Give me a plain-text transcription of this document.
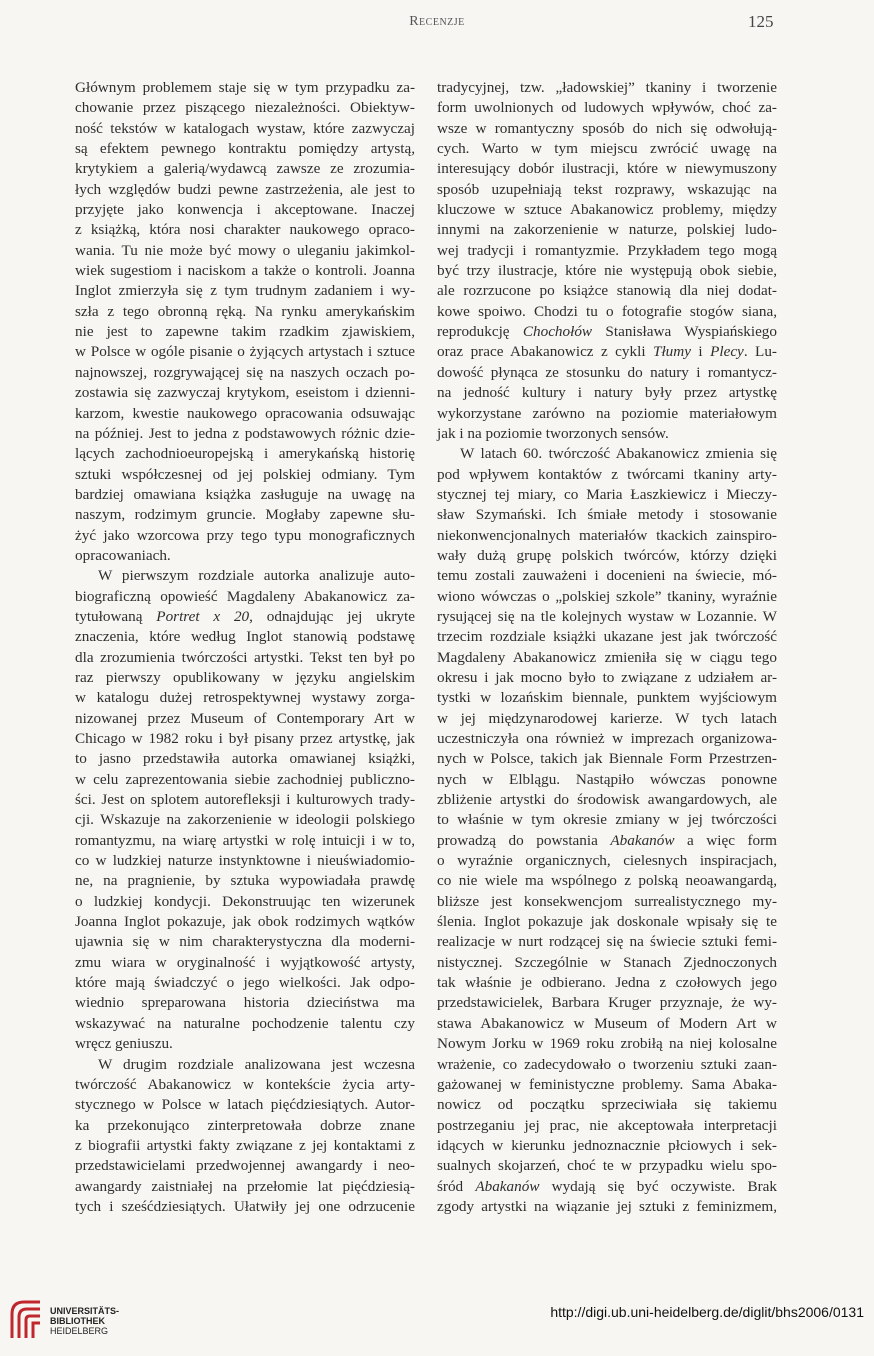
Recenzje	125
Głównym problemem staje się w tym przypadku za-
chowanie przez piszącego niezależności. Obiektyw-
ność tekstów w katalogach wystaw, które zazwyczaj
są efektem pewnego kontraktu pomiędzy artystą,
krytykiem a galerią/wydawcą zawsze ze zrozumia-
łych względów budzi pewne zastrzeżenia, ale jest to
przyjęte jako konwencja i akceptowane. Inaczej
z książką, która nosi charakter naukowego opraco-
wania. Tu nie może być mowy o uleganiu jakimkol-
wiek sugestiom i naciskom a także o kontroli. Joanna
Inglot zmierzyła się z tym trudnym zadaniem i wy-
szła z tego obronną ręką. Na rynku amerykańskim
nie jest to zapewne takim rzadkim zjawiskiem,
w Polsce w ogóle pisanie o żyjących artystach i sztuce
najnowszej, rozgrywającej się na naszych oczach po-
zostawia się zazwyczaj krytykom, eseistom i dzienni-
karzom, kwestie naukowego opracowania odsuwając
na później. Jest to jedna z podstawowych różnic dzie-
lących zachodnioeuropejską i amerykańską historię
sztuki współczesnej od jej polskiej odmiany. Tym
bardziej omawiana książka zasługuje na uwagę na
naszym, rodzimym gruncie. Mogłaby zapewne słu-
żyć jako wzorcowa przy tego typu monograficznych
opracowaniach.
W pierwszym rozdziale autorka analizuje auto-
biograficzną opowieść Magdaleny Abakanowicz za-
tytułowaną Portret x 20, odnajdując jej ukryte
znaczenia, które według Inglot stanowią podstawę
dla zrozumienia twórczości artystki. Tekst ten był po
raz pierwszy opublikowany w języku angielskim
w katalogu dużej retrospektywnej wystawy zorga-
nizowanej przez Museum of Contemporary Art w
Chicago w 1982 roku i był pisany przez artystkę, jak
to jasno przedstawiła autorka omawianej książki,
w celu zaprezentowania siebie zachodniej publiczno-
ści. Jest on splotem autorefleksji i kulturowych trady-
cji. Wskazuje na zakorzenienie w ideologii polskiego
romantyzmu, na wiarę artystki w rolę intuicji i w to,
co w ludzkiej naturze instynktowne i nieuświadomio-
ne, na pragnienie, by sztuka wypowiadała prawdę
o ludzkiej kondycji. Dekonstruując ten wizerunek
Joanna Inglot pokazuje, jak obok rodzimych wątków
ujawnia się w nim charakterystyczna dla moderni-
zmu wiara w oryginalność i wyjątkowość artysty,
które mają świadczyć o jego wielkości. Jak odpo-
wiednio spreparowana historia dzieciństwa ma
wskazywać na naturalne pochodzenie talentu czy
wręcz geniuszu.
W drugim rozdziale analizowana jest wczesna
twórczość Abakanowicz w kontekście życia arty-
stycznego w Polsce w latach pięćdziesiątych. Autor-
ka przekonująco zinterpretowała dobrze znane
z biografii artystki fakty związane z jej kontaktami z
przedstawicielami przedwojennej awangardy i neo-
awangardy zaistniałej na przełomie lat pięćdziesią-
tych i sześćdziesiątych. Ułatwiły jej one odrzucenie
tradycyjnej, tzw. „ładowskiej” tkaniny i tworzenie
form uwolnionych od ludowych wpływów, choć za-
wsze w romantyczny sposób do nich się odwołują-
cych. Warto w tym miejscu zwrócić uwagę na
interesujący dobór ilustracji, które w niewymuszony
sposób uzupełniają tekst rozprawy, wskazując na
kluczowe w sztuce Abakanowicz problemy, między
innymi na zakorzenienie w naturze, polskiej ludo-
wej tradycji i romantyzmie. Przykładem tego mogą
być trzy ilustracje, które nie występują obok siebie,
ale rozrzucone po książce stanowią dla niej dodat-
kowe spoiwo. Chodzi tu o fotografie stogów siana,
reprodukcję Chochołów Stanisława Wyspiańskiego
oraz prace Abakanowicz z cykli Tłumy i Plecy. Lu-
dowość płynąca ze stosunku do natury i romantycz-
na jedność kultury i natury były przez artystkę
wykorzystane zarówno na poziomie materiałowym
jak i na poziomie tworzonych sensów.
W latach 60. twórczość Abakanowicz zmienia się
pod wpływem kontaktów z twórcami tkaniny arty-
stycznej tej miary, co Maria Łaszkiewicz i Mieczy-
sław Szymański. Ich śmiałe metody i stosowanie
niekonwencjonalnych materiałów tkackich zainspiro-
wały dużą grupę polskich twórców, którzy dzięki
temu zostali zauważeni i docenieni na świecie, mó-
wiono wówczas o „polskiej szkole” tkaniny, wyraźnie
rysującej się na tle kolejnych wystaw w Lozannie. W
trzecim rozdziale książki ukazane jest jak twórczość
Magdaleny Abakanowicz zmieniła się w ciągu tego
okresu i jak mocno było to związane z udziałem ar-
tystki w lozańskim biennale, punktem wyjściowym
w jej międzynarodowej karierze. W tych latach
uczestniczyła ona również w imprezach organizowa-
nych w Polsce, takich jak Biennale Form Przestrzen-
nych w Elblągu. Nastąpiło wówczas ponowne
zbliżenie artystki do środowisk awangardowych, ale
to właśnie w tym okresie zmiany w jej twórczości
prowadzą do powstania Abakanów a więc form
o wyraźnie organicznych, cielesnych inspiracjach,
co nie wiele ma wspólnego z polską neoawangardą,
bliższe jest konsekwencjom surrealistycznego my-
ślenia. Inglot pokazuje jak doskonale wpisały się te
realizacje w nurt rodzącej się na świecie sztuki femi-
nistycznej. Szczególnie w Stanach Zjednoczonych
tak właśnie je odbierano. Jedna z czołowych jego
przedstawicielek, Barbara Kruger przyznaje, że wy-
stawa Abakanowicz w Museum of Modern Art w
Nowym Jorku w 1969 roku zrobiłą na niej kolosalne
wrażenie, co zadecydowało o tworzeniu sztuki zaan-
gażowanej w feministyczne problemy. Sama Abaka-
nowicz od początku sprzeciwiała się takiemu
postrzeganiu jej prac, nie akceptowała interpretacji
idących w kierunku jednoznacznie płciowych i sek-
sualnych skojarzeń, choć te w przypadku wielu spo-
śród Abakanów wydają się być oczywiste. Brak
zgody artystki na wiązanie jej sztuki z feminizmem,
UNIVERSITÄTS-
BIBLIOTHEK
HEIDELBERG
http://digi.ub.uni-heidelberg.de/diglit/bhs2006/0131
